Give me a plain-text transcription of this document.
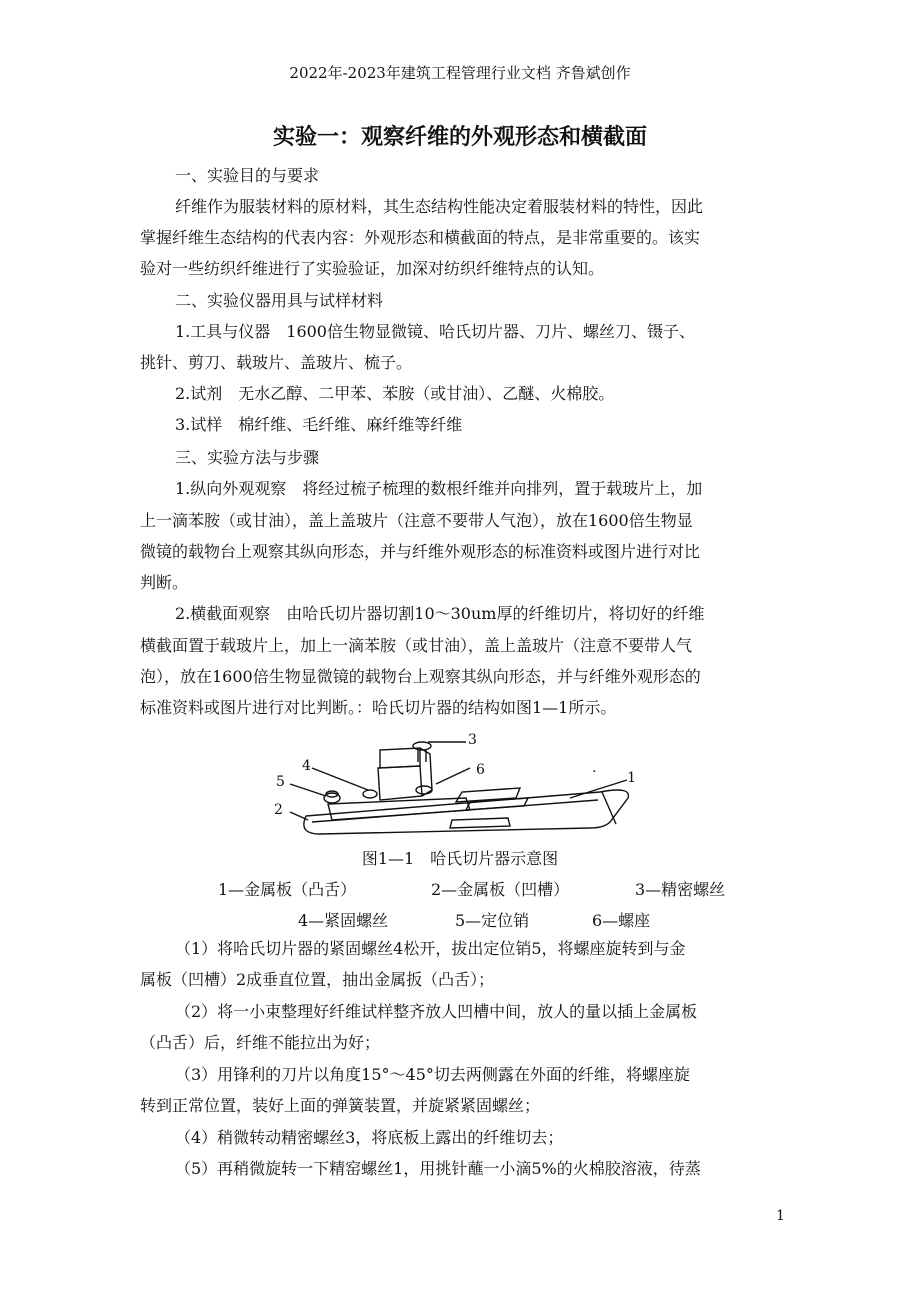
2022年-2023年建筑工程管理行业文档 齐鲁斌创作
实验一：观察纤维的外观形态和横截面
一、实验目的与要求
纤维作为服装材料的原材料，其生态结构性能决定着服装材料的特性，因此
掌握纤维生态结构的代表内容：外观形态和横截面的特点，是非常重要的。该实
验对一些纺织纤维进行了实验验证，加深对纺织纤维特点的认知。
二、实验仪器用具与试样材料
1.工具与仪器　1600倍生物显微镜、哈氏切片器、刀片、螺丝刀、镊子、
挑针、剪刀、载玻片、盖玻片、梳子。
2.试剂　无水乙醇、二甲苯、苯胺（或甘油）、乙醚、火棉胶。
3.试样　棉纤维、毛纤维、麻纤维等纤维
三、实验方法与步骤
1.纵向外观观察　将经过梳子梳理的数根纤维并向排列，置于载玻片上，加
上一滴苯胺（或甘油），盖上盖玻片（注意不要带人气泡），放在1600倍生物显
微镜的载物台上观察其纵向形态，并与纤维外观形态的标准资料或图片进行对比
判断。
2.横截面观察　由哈氏切片器切割10～30um厚的纤维切片，将切好的纤维
横截面置于载玻片上，加上一滴苯胺（或甘油），盖上盖玻片（注意不要带人气
泡），放在1600倍生物显微镜的载物台上观察其纵向形态，并与纤维外观形态的
标准资料或图片进行对比判断。：哈氏切片器的结构如图1—1所示。
3
6
4
5
2
1
·
图1—1　哈氏切片器示意图
1—金属板（凸舌）	2—金属板（凹槽）	3—精密螺丝
4—紧固螺丝	5—定位销	6—螺座
（1）将哈氏切片器的紧固螺丝4松开，拔出定位销5，将螺座旋转到与金
属板（凹槽）2成垂直位置，抽出金属扳（凸舌）；
（2）将一小束整理好纤维试样整齐放人凹槽中间，放人的量以插上金属板
（凸舌）后，纤维不能拉出为好；
（3）用锋利的刀片以角度15°～45°切去两侧露在外面的纤维，将螺座旋
转到正常位置，装好上面的弹簧装置，并旋紧紧固螺丝；
（4）稍微转动精密螺丝3，将底板上露出的纤维切去；
（5）再稍微旋转一下精窑螺丝1，用挑针蘸一小滴5%的火棉胶溶液，待蒸
1
